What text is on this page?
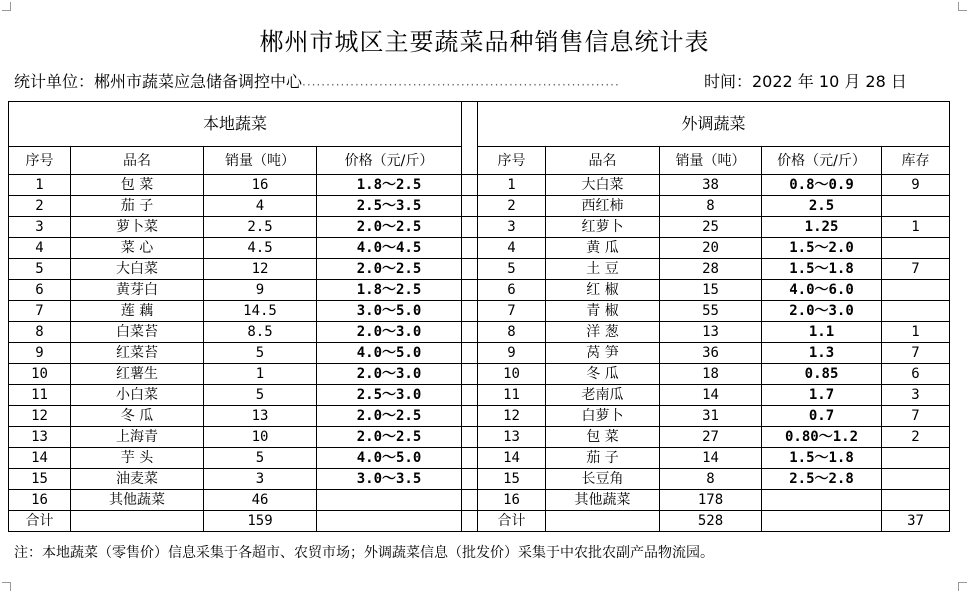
郴州市城区主要蔬菜品种销售信息统计表
统计单位：郴州市蔬菜应急储备调控中心··································································	时间：2022 年 10 月 28 日
本地蔬菜					外调蔬菜				
序号	品名	销量（吨）	价格（元/斤）		序号	品名	销量（吨）	价格（元/斤）	库存
1	包 菜	16	1.8～2.5		1	大白菜	38	0.8～0.9	9
2	茄 子	4	2.5～3.5		2	西红柿	8	2.5	
3	萝卜菜	2.5	2.0～2.5		3	红萝卜	25	1.25	1
4	菜 心	4.5	4.0～4.5		4	黄 瓜	20	1.5～2.0	
5	大白菜	12	2.0～2.5		5	土 豆	28	1.5～1.8	7
6	黄芽白	9	1.8～2.5		6	红 椒	15	4.0～6.0	
7	莲 藕	14.5	3.0～5.0		7	青 椒	55	2.0～3.0	
8	白菜苔	8.5	2.0～3.0		8	洋 葱	13	1.1	1
9	红菜苔	5	4.0～5.0		9	莴 笋	36	1.3	7
10	红薯生	1	2.0～3.0		10	冬 瓜	18	0.85	6
11	小白菜	5	2.5～3.0		11	老南瓜	14	1.7	3
12	冬 瓜	13	2.0～2.5		12	白萝卜	31	0.7	7
13	上海青	10	2.0～2.5		13	包 菜	27	0.80～1.2	2
14	芋 头	5	4.0～5.0		14	茄 子	14	1.5～1.8	
15	油麦菜	3	3.0～3.5		15	长豆角	8	2.5～2.8	
16	其他蔬菜	46			16	其他蔬菜	178		
合计		159			合计		528		37
注：本地蔬菜（零售价）信息采集于各超市、农贸市场；外调蔬菜信息（批发价）采集于中农批农副产品物流园。
